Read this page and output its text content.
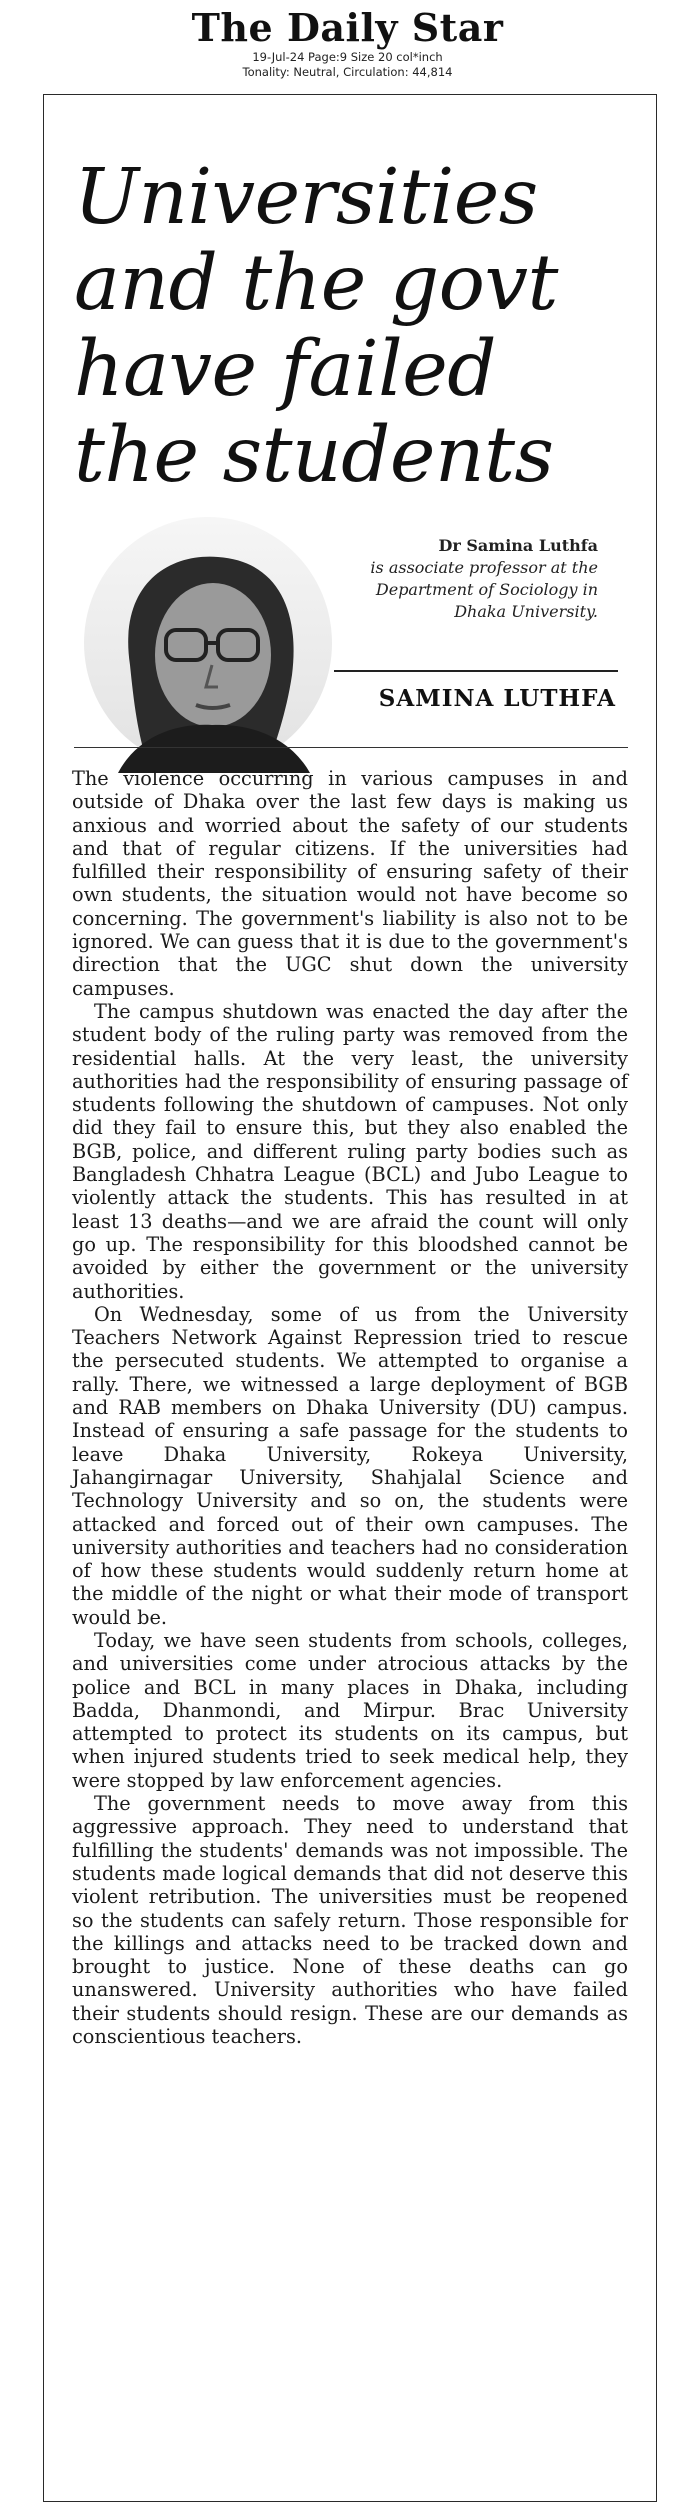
The Daily Star
19-Jul-24 Page:9 Size 20 col*inch
Tonality: Neutral, Circulation: 44,814
Universities and the govt have failed the students
Dr Samina Luthfa
is associate professor at the Department of Sociology in Dhaka University.
SAMINA LUTHFA

The violence occurring in various campuses in and outside of Dhaka over the last few days is making us anxious and worried about the safety of our students and that of regular citizens. If the universities had fulfilled their responsibility of ensuring safety of their own students, the situation would not have become so concerning. The government's liability is also not to be ignored. We can guess that it is due to the government's direction that the UGC shut down the university campuses.

The campus shutdown was enacted the day after the student body of the ruling party was removed from the residential halls. At the very least, the university authorities had the responsibility of ensuring passage of students following the shutdown of campuses. Not only did they fail to ensure this, but they also enabled the BGB, police, and different ruling party bodies such as Bangladesh Chhatra League (BCL) and Jubo League to violently attack the students. This has resulted in at least 13 deaths—and we are afraid the count will only go up. The responsibility for this bloodshed cannot be avoided by either the government or the university authorities.

On Wednesday, some of us from the University Teachers Network Against Repression tried to rescue the persecuted students. We attempted to organise a rally. There, we witnessed a large deployment of BGB and RAB members on Dhaka University (DU) campus. Instead of ensuring a safe passage for the students to leave Dhaka University, Rokeya University, Jahangirnagar University, Shahjalal Science and Technology University and so on, the students were attacked and forced out of their own campuses. The university authorities and teachers had no consideration of how these students would suddenly return home at the middle of the night or what their mode of transport would be.

Today, we have seen students from schools, colleges, and universities come under atrocious attacks by the police and BCL in many places in Dhaka, including Badda, Dhanmondi, and Mirpur. Brac University attempted to protect its students on its campus, but when injured students tried to seek medical help, they were stopped by law enforcement agencies.

The government needs to move away from this aggressive approach. They need to understand that fulfilling the students' demands was not impossible. The students made logical demands that did not deserve this violent retribution. The universities must be reopened so the students can safely return. Those responsible for the killings and attacks need to be tracked down and brought to justice. None of these deaths can go unanswered. University authorities who have failed their students should resign. These are our demands as conscientious teachers.
